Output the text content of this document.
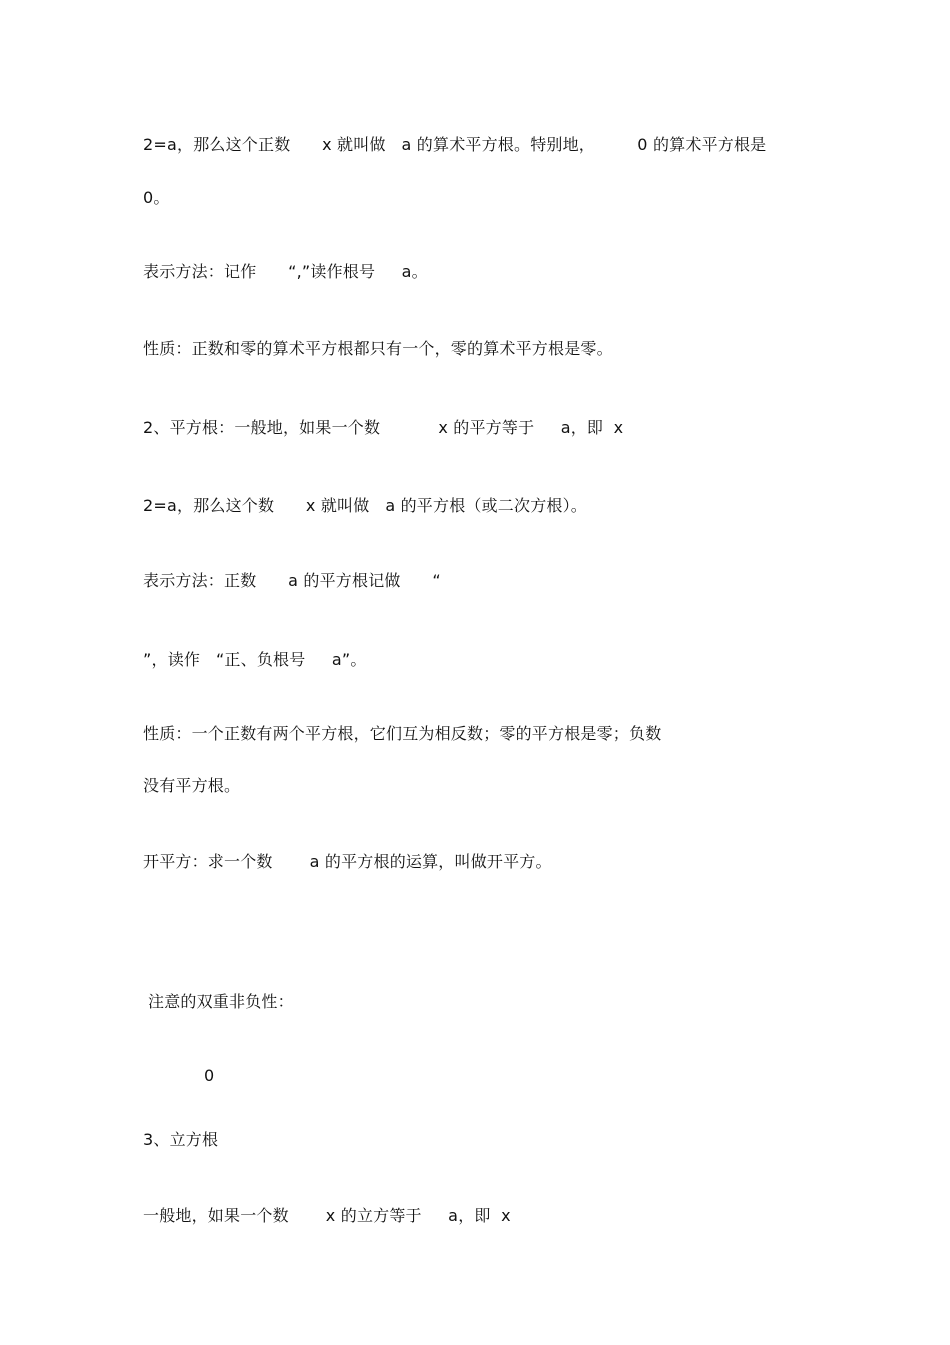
2=a，那么这个正数      x 就叫做   a 的算术平方根。特别地，        0 的算术平方根是
0。
表示方法：记作      “,”读作根号     a。
性质：正数和零的算术平方根都只有一个，零的算术平方根是零。
2、平方根：一般地，如果一个数           x 的平方等于     a，即  x
2=a，那么这个数      x 就叫做   a 的平方根（或二次方根）。
表示方法：正数      a 的平方根记做      “
”，读作   “正、负根号     a”。
性质：一个正数有两个平方根，它们互为相反数；零的平方根是零；负数
没有平方根。
开平方：求一个数       a 的平方根的运算，叫做开平方。
注意的双重非负性：
0
3、立方根
一般地，如果一个数       x 的立方等于     a，即  x
